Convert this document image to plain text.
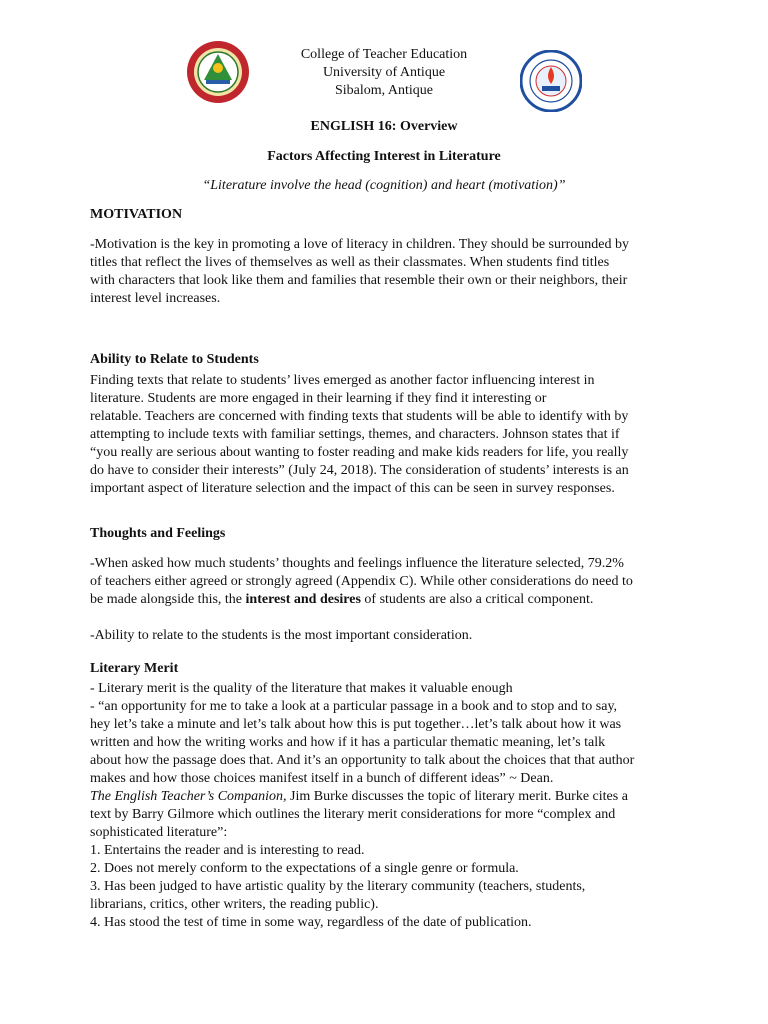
College of Teacher Education
University of Antique
Sibalom, Antique
ENGLISH 16: Overview
Factors Affecting Interest in Literature
“Literature involve the head (cognition) and heart (motivation)”
MOTIVATION

-Motivation is the key in promoting a love of literacy in children. They should be surrounded by

titles that reflect the lives of themselves as well as their classmates. When students find titles

with characters that look like them and families that resemble their own or their neighbors, their

interest level increases.

Ability to Relate to Students

Finding texts that relate to students’ lives emerged as another factor influencing interest in

literature. Students are more engaged in their learning if they find it interesting or

relatable. Teachers are concerned with finding texts that students will be able to identify with by

attempting to include texts with familiar settings, themes, and characters. Johnson states that if

“you really are serious about wanting to foster reading and make kids readers for life, you really

do have to consider their interests” (July 24, 2018). The consideration of students’ interests is an

important aspect of literature selection and the impact of this can be seen in survey responses.

Thoughts and Feelings

-When asked how much students’ thoughts and feelings influence the literature selected, 79.2%

of teachers either agreed or strongly agreed (Appendix C). While other considerations do need to

be made alongside this, the interest and desires of students are also a critical component.

-Ability to relate to the students is the most important consideration.

Literary Merit

- Literary merit is the quality of the literature that makes it valuable enough

- “an opportunity for me to take a look at a particular passage in a book and to stop and to say,

hey let’s take a minute and let’s talk about how this is put together…let’s talk about how it was

written and how the writing works and how if it has a particular thematic meaning, let’s talk

about how the passage does that. And it’s an opportunity to talk about the choices that that author

makes and how those choices manifest itself in a bunch of different ideas” ~ Dean.

The English Teacher’s Companion, Jim Burke discusses the topic of literary merit. Burke cites a

text by Barry Gilmore which outlines the literary merit considerations for more “complex and

sophisticated literature”:

1. Entertains the reader and is interesting to read.

2. Does not merely conform to the expectations of a single genre or formula.

3. Has been judged to have artistic quality by the literary community (teachers, students,

librarians, critics, other writers, the reading public).

4. Has stood the test of time in some way, regardless of the date of publication.
